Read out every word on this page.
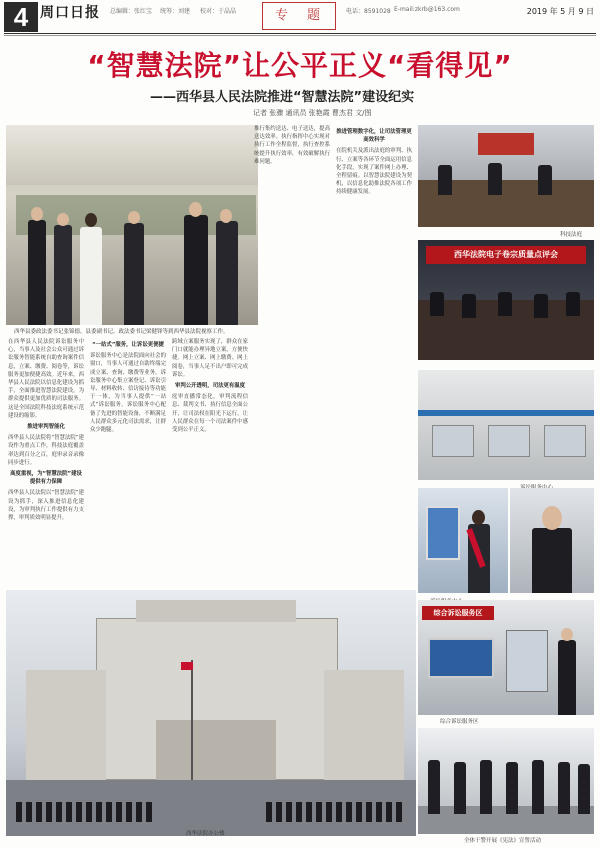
4 周口日报 总编辑：张红宝 统筹：刘建 校对：于晶晶	专　题	电话：8591028 E-mail:zkrb@163.com	2019 年 5 月 9 日
“智慧法院”让公平正义“看得见”
——西华县人民法院推进“智慧法院”建设纪实
记者 张骤 通讯员 张艳霞 曹杰君 文/图
西华县委政法委书记张锦德，县委副书记、政法委书记梁健锋等到西华县法院视察工作。
科技法庭
西华法院电子卷宗质量点评会
综合诉讼服务区
综合诉讼服务区
全体干警开展《宪法》宣誓活动
西华法院办公楼
在西华县人民法院诉讼服务中心，当事人及社会公众可通过诉讼服务智能系统自助查询案件信息，立案、缴费、阅卷等，诉讼服务更加便捷高效。近年来，西华县人民法院以信息化建设为抓手，全面推进智慧法院建设，为群众提供更加优质的司法服务。这是全国法院科技法庭系统示范建设的缩影。
推进审判智能化
西华县人民法院将“智慧法院”建设作为重点工作，科技法庭覆盖率达到百分之百，庭审录音录像同步进行。
高度重视，为“智慧法院”建设提供有力保障
西华县人民法院以“智慧法院”建设为抓手，深入推进信息化建设，为审判执行工作提供有力支撑，审判质效明显提升。
“一站式”服务，让诉讼更便捷
诉讼服务中心是法院面向社会的窗口，当事人可通过自助终端完成立案、查询、缴费等业务，诉讼服务中心集立案登记、诉讼引导、材料收转、信访接待等功能于一体，为当事人提供“一站式”诉讼服务。诉讼服务中心配备了先进的智能设备，不断满足人民群众多元化司法需求，让群众少跑腿。
跨域立案服务实现了，群众在家门口就能办理异地立案，方便快捷。网上立案、网上缴费、网上阅卷，当事人足不出户即可完成诉讼。
审判公开透明，司法更有温度
庭审直播常态化，审判流程信息、裁判文书、执行信息全面公开，让司法权在阳光下运行，让人民群众在每一个司法案件中感受到公平正义。
推行集约送达、电子送达，提高送达效率。执行指挥中心实现对执行工作全程监督，执行查控系统提升执行效率，有效破解执行难问题。
推进管理数字化，让司法管理更高效科学
在院机关及派出法庭的审判、执行、立案等各环节全面运用信息化手段，实现了案件网上办理、全程留痕。以智慧法院建设为契机，以信息化助推法院各项工作持续健康发展。
